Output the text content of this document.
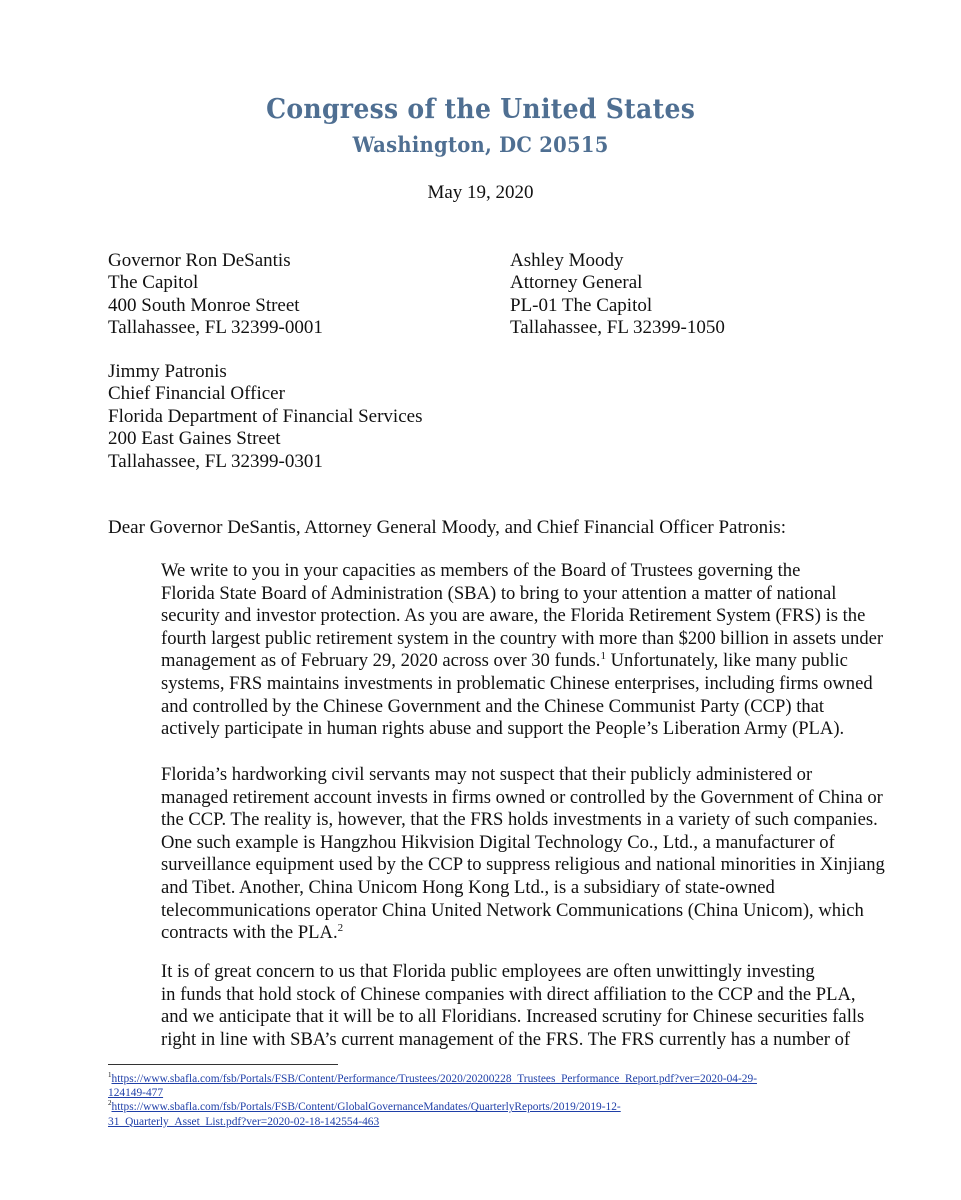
Congress of the United States
Washington, DC 20515
May 19, 2020
Governor Ron DeSantis
The Capitol
400 South Monroe Street
Tallahassee, FL 32399-0001
Ashley Moody
Attorney General
PL-01 The Capitol
Tallahassee, FL 32399-1050
Jimmy Patronis
Chief Financial Officer
Florida Department of Financial Services
200 East Gaines Street
Tallahassee, FL 32399-0301
Dear Governor DeSantis, Attorney General Moody, and Chief Financial Officer Patronis:

We write to you in your capacities as members of the Board of Trustees governing the
Florida State Board of Administration (SBA) to bring to your attention a matter of national
security and investor protection. As you are aware, the Florida Retirement System (FRS) is the
fourth largest public retirement system in the country with more than $200 billion in assets under
management as of February 29, 2020 across over 30 funds.$^1$ Unfortunately, like many public
systems, FRS maintains investments in problematic Chinese enterprises, including firms owned
and controlled by the Chinese Government and the Chinese Communist Party (CCP) that
actively participate in human rights abuse and support the People’s Liberation Army (PLA).

Florida’s hardworking civil servants may not suspect that their publicly administered or
managed retirement account invests in firms owned or controlled by the Government of China or
the CCP. The reality is, however, that the FRS holds investments in a variety of such companies.
One such example is Hangzhou Hikvision Digital Technology Co., Ltd., a manufacturer of
surveillance equipment used by the CCP to suppress religious and national minorities in Xinjiang
and Tibet. Another, China Unicom Hong Kong Ltd., is a subsidiary of state-owned
telecommunications operator China United Network Communications (China Unicom), which
contracts with the PLA.$^2$

It is of great concern to us that Florida public employees are often unwittingly investing
in funds that hold stock of Chinese companies with direct affiliation to the CCP and the PLA,
and we anticipate that it will be to all Floridians. Increased scrutiny for Chinese securities falls
right in line with SBA’s current management of the FRS. The FRS currently has a number of

$^1$https://www.sbafla.com/fsb/Portals/FSB/Content/Performance/Trustees/2020/20200228_Trustees_Performance_Report.pdf?ver=2020-04-29-
124149-477
$^2$https://www.sbafla.com/fsb/Portals/FSB/Content/GlobalGovernanceMandates/QuarterlyReports/2019/2019-12-
31_Quarterly_Asset_List.pdf?ver=2020-02-18-142554-463
